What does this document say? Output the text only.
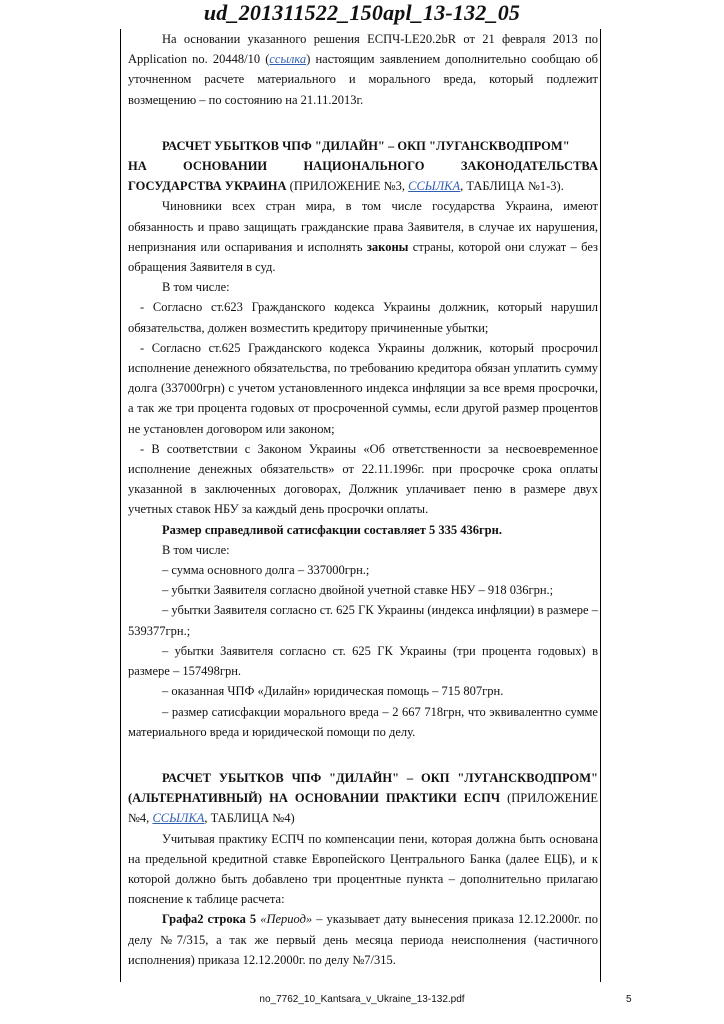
ud_201311522_150apl_13-132_05

На основании указанного решения ЕСПЧ-LE20.2bR от 21 февраля 2013 по Application no. 20448/10 (ссылка) настоящим заявлением дополнительно сообщаю об уточненном расчете материального и морального вреда, который подлежит возмещению – по состоянию на 21.11.2013г.

РАСЧЕТ УБЫТКОВ ЧПФ "ДИЛАЙН" – ОКП "ЛУГАНСКВОДПРОМ"

НА ОСНОВАНИИ НАЦИОНАЛЬНОГО ЗАКОНОДАТЕЛЬСТВА

ГОСУДАРСТВА УКРАИНА (ПРИЛОЖЕНИЕ №3, ССЫЛКА, ТАБЛИЦА №1-3).

Чиновники всех стран мира, в том числе государства Украина, имеют обязанность и право защищать гражданские права Заявителя, в случае их нарушения, непризнания или оспаривания и исполнять законы страны, которой они служат – без обращения Заявителя в суд.

В том числе:

- Согласно ст.623 Гражданского кодекса Украины должник, который нарушил обязательства, должен возместить кредитору причиненные убытки;

- Согласно ст.625 Гражданского кодекса Украины должник, который просрочил исполнение денежного обязательства, по требованию кредитора обязан уплатить сумму долга (337000грн) с учетом установленного индекса инфляции за все время просрочки, а так же три процента годовых от просроченной суммы, если другой размер процентов не установлен договором или законом;

- В соответствии с Законом Украины «Об ответственности за несвоевременное исполнение денежных обязательств» от 22.11.1996г. при просрочке срока оплаты указанной в заключенных договорах, Должник уплачивает пеню в размере двух учетных ставок НБУ за каждый день просрочки оплаты.

Размер справедливой сатисфакции составляет 5 335 436грн.

В том числе:

– сумма основного долга – 337000грн.;

– убытки Заявителя согласно двойной учетной ставке НБУ – 918 036грн.;

– убытки Заявителя согласно ст. 625 ГК Украины (индекса инфляции) в размере – 539377грн.;

– убытки Заявителя согласно ст. 625 ГК Украины (три процента годовых) в размере – 157498грн.

– оказанная ЧПФ «Дилайн» юридическая помощь – 715 807грн.

– размер сатисфакции морального вреда – 2 667 718грн, что эквивалентно сумме материального вреда и юридической помощи по делу.

РАСЧЕТ УБЫТКОВ ЧПФ "ДИЛАЙН" – ОКП "ЛУГАНСКВОДПРОМ" (АЛЬТЕРНАТИВНЫЙ) НА ОСНОВАНИИ ПРАКТИКИ ЕСПЧ (ПРИЛОЖЕНИЕ №4, ССЫЛКА, ТАБЛИЦА №4)

Учитывая практику ЕСПЧ по компенсации пени, которая должна быть основана на предельной кредитной ставке Европейского Центрального Банка (далее ЕЦБ), и к которой должно быть добавлено три процентные пункта – дополнительно прилагаю пояснение к таблице расчета:

Графа2 строка 5 «Период» – указывает дату вынесения приказа 12.12.2000г. по делу №7/315, а так же первый день месяца периода неисполнения (частичного исполнения) приказа 12.12.2000г. по делу №7/315.

no_7762_10_Kantsara_v_Ukraine_13-132.pdf	5
